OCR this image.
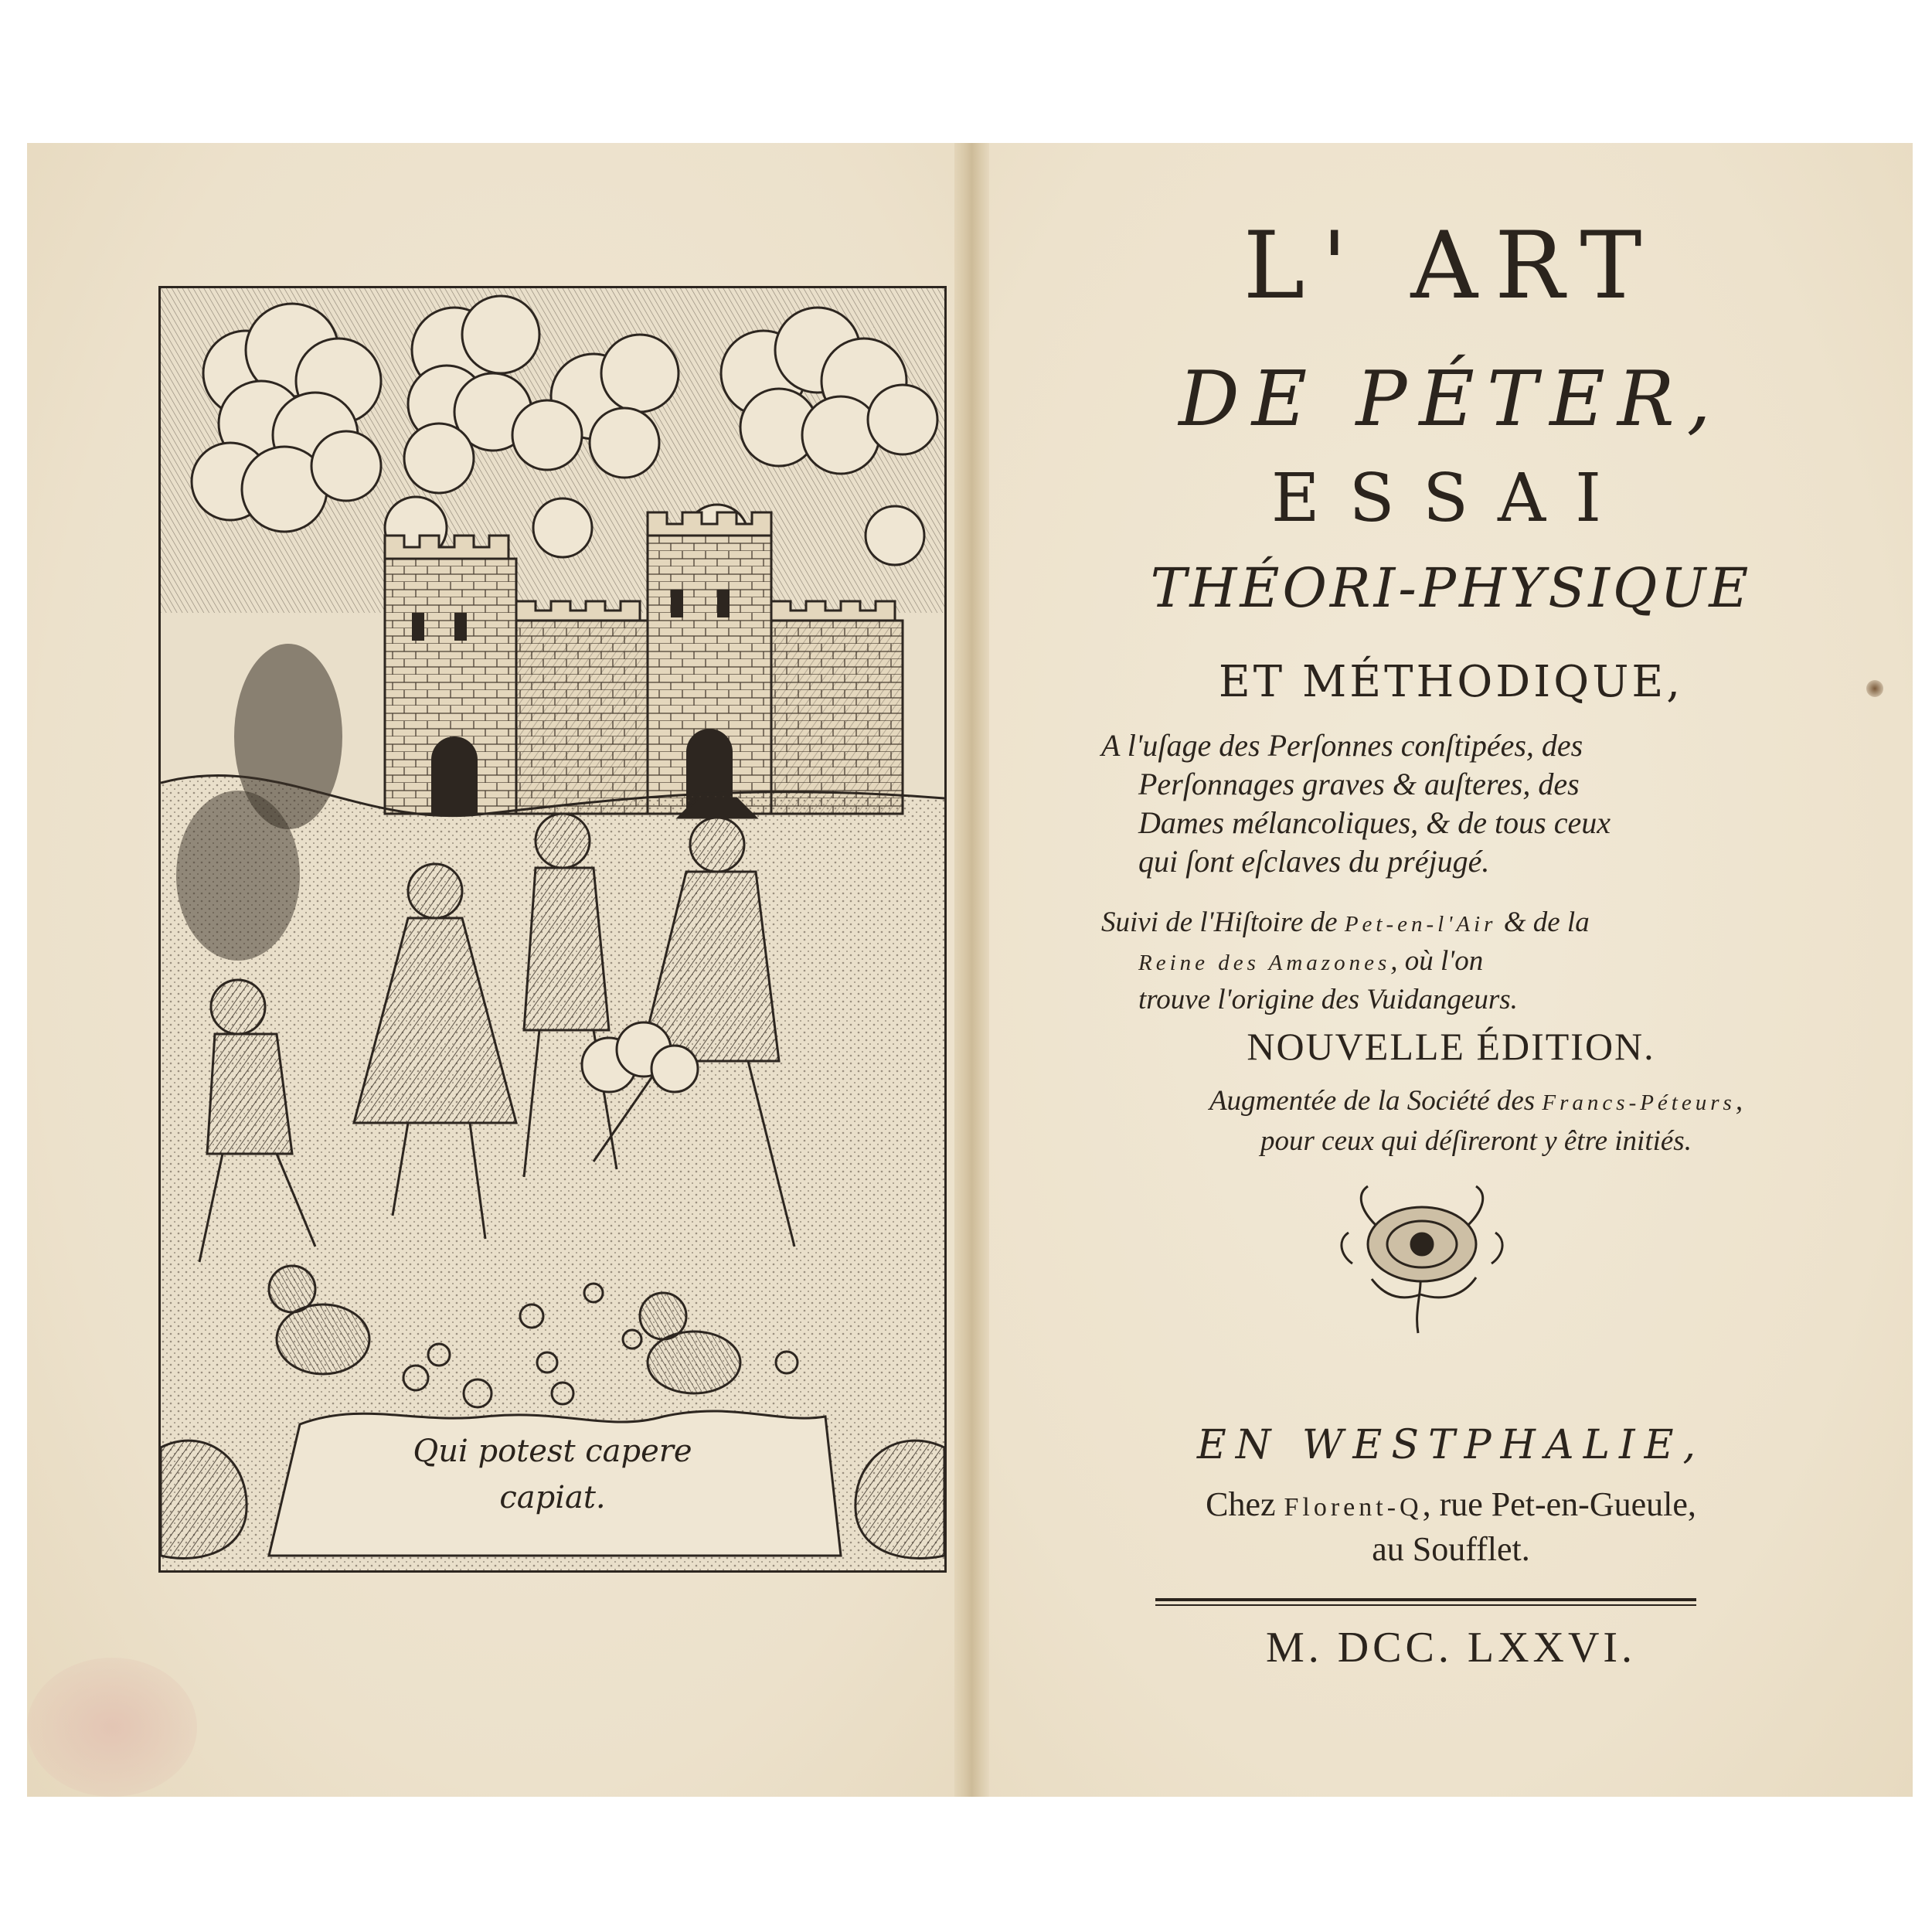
Qui potest capere
capiat.
L' ART
DE PÉTER,
ESSAI
THÉORI-PHYSIQUE
ET MÉTHODIQUE,
A l'uſage des Perſonnes conſtipées, des
Perſonnages graves & auſteres, des
Dames mélancoliques, & de tous ceux
qui ſont eſclaves du préjugé.
Suivi de l'Hiſtoire de Pet-en-l'Air & de la
Reine des Amazones, où l'on
trouve l'origine des Vuidangeurs.
NOUVELLE ÉDITION.
Augmentée de la Société des Francs-Péteurs,
pour ceux qui déſireront y être initiés.
EN WESTPHALIE,
Chez Florent-Q, rue Pet-en-Gueule,
au Soufflet.
M. DCC. LXXVI.
